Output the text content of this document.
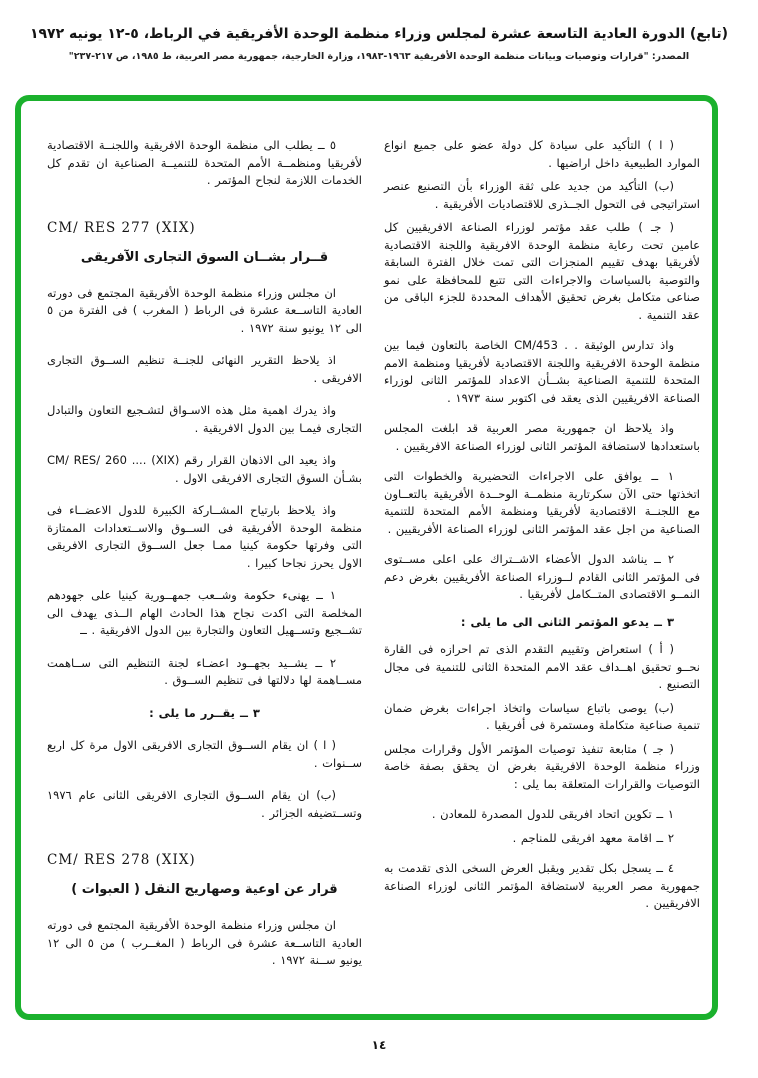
(تابع) الدورة العادية التاسعة عشرة لمجلس وزراء منظمة الوحدة الأفريقية في الرباط، ٥-١٢ يونيه ١٩٧٢
المصدر: "قرارات وتوصيات وبيانات منظمة الوحدة الأفريقية ١٩٦٣-١٩٨٣، وزارة الخارجية، جمهورية مصر العربية، ط ١٩٨٥، ص ٢١٧-٢٣٧"

( ا ) التأكيد على سيادة كل دولة عضو على جميع انواع الموارد الطبيعية داخل اراضيها .

(ب) التأكيد من جديد على ثقة الوزراء بأن التصنيع عنصر استراتيجى فى التحول الجــذرى للاقتصاديات الأفريقية .

( جـ ) طلب عقد مؤتمر لوزراء الصناعة الافريقيين كل عامين تحت رعاية منظمة الوحدة الافريقية واللجنة الاقتصادية لأفريقيا بهدف تقييم المنجزات التى تمت خلال الفترة السابقة والتوصية بالسياسات والاجراءات التى تتبع للمحافظة على نمو صناعى متكامل بغرض تحقيق الأهداف المحددة للجزء الباقى من عقد التنمية .

واذ تدارس الوثيقة . . CM/453 الخاصة بالتعاون فيما بين منظمة الوحدة الافريقية واللجنة الاقتصادية لأفريقيا ومنظمة الامم المتحدة للتنمية الصناعية بشــأن الاعداد للمؤتمر الثانى لوزراء الصناعة الافريقيين الذى يعقد فى اكتوبر سنة ١٩٧٣ .

واذ يلاحظ ان جمهورية مصر العربية قد ابلغت المجلس باستعدادها لاستضافة المؤتمر الثانى لوزراء الصناعة الافريقيين .

١ ــ يوافق على الاجراءات التحضيرية والخطوات التى اتخذتها حتى الآن سكرتارية منظمــة الوحــدة الأفريقية بالتعــاون مع اللجنــة الاقتصادية لأفريقيا ومنظمة الأمم المتحدة للتنمية الصناعية من اجل عقد المؤتمر الثانى لوزراء الصناعة الأفريقيين .

٢ ــ يناشد الدول الأعضاء الاشــتراك على اعلى مســتوى فى المؤتمر الثانى القادم لــوزراء الصناعة الأفريقيين بغرض دعم النمــو الاقتصادى المتــكامل لأفريقيا .

٣ ــ يدعو المؤتمر الثانى الى ما يلى :

( أ ) استعراض وتقييم التقدم الذى تم احرازه فى القارة نحــو تحقيق اهــداف عقد الامم المتحدة الثانى للتنمية فى مجال التصنيع .

(ب) يوصى باتباع سياسات واتخاذ اجراءات بغرض ضمان تنمية صناعية متكاملة ومستمرة فى أفريقيا .

( جـ ) متابعة تنفيذ توصيات المؤتمر الأول وقرارات مجلس وزراء منظمة الوحدة الافريقية بغرض ان يحقق بصفة خاصة التوصيات والقرارات المتعلقة بما يلى :

١ ــ تكوين اتحاد افريقى للدول المصدرة للمعادن .

٢ ــ اقامة معهد افريقى للمناجم .

٤ ــ يسجل بكل تقدير ويقبل العرض السخى الذى تقدمت به جمهورية مصر العربية لاستضافة المؤتمر الثانى لوزراء الصناعة الافريقيين .

٥ ــ يطلب الى منظمة الوحدة الافريقية واللجنــة الاقتصادية لأفريقيا ومنظمــة الأمم المتحدة للتنميــة الصناعية ان تقدم كل الخدمات اللازمة لنجاح المؤتمر .

CM/ RES 277 (XIX)

قــرار بشــان السوق التجارى الآفريقى

ان مجلس وزراء منظمة الوحدة الأفريقية المجتمع فى دورته العادية التاســعة عشرة فى الرباط ( المغرب ) فى الفترة من ٥ الى ١٢ يونيو سنة ١٩٧٢ .

اذ يلاحظ التقرير النهائى للجنــة تنظيم الســوق التجارى الافريقى .

واذ يدرك اهمية مثل هذه الاسـواق لتشـجيع التعاون والتبادل التجارى فيمـا بين الدول الافريقية .

واذ يعيد الى الاذهان القرار رقم CM/ RES/ 260 .... (XIX) بشـأن السوق التجارى الافريقى الاول .

واذ يلاحظ بارتياح المشــاركة الكبيرة للدول الاعضــاء فى منظمة الوحدة الأفريقية فى الســوق والاســتعدادات الممتازة التى وفرتها حكومة كينيا ممـا جعل الســوق التجارى الافريقى الاول يحرز نجاحا كبيرا .

١ ــ يهنىء حكومة وشــعب جمهــورية كينيا على جهودهم المخلصة التى اكدت نجاح هذا الحادث الهام الــذى يهدف الى تشــجيع وتســهيل التعاون والتجارة بين الدول الافريقية . ــ

٢ ــ يشــيد بجهــود اعضـاء لجنة التنظيم التى ســاهمت مســاهمة لها دلالتها فى تنظيم الســوق .

٣ ــ يقــرر ما يلى :

( ا ) ان يقام الســوق التجارى الافريقى الاول مرة كل اربع ســنوات .

(ب) ان يقام الســوق التجارى الافريقى الثانى عام ١٩٧٦ وتســتضيفه الجزائر .

CM/ RES 278 (XIX)

قرار عن اوعية وصهاريج النقل ( العبوات )

ان مجلس وزراء منظمة الوحدة الأفريقية المجتمع فى دورته العادية التاســعة عشرة فى الرباط ( المغــرب ) من ٥ الى ١٢ يونيو ســنة ١٩٧٢ .

١٤
